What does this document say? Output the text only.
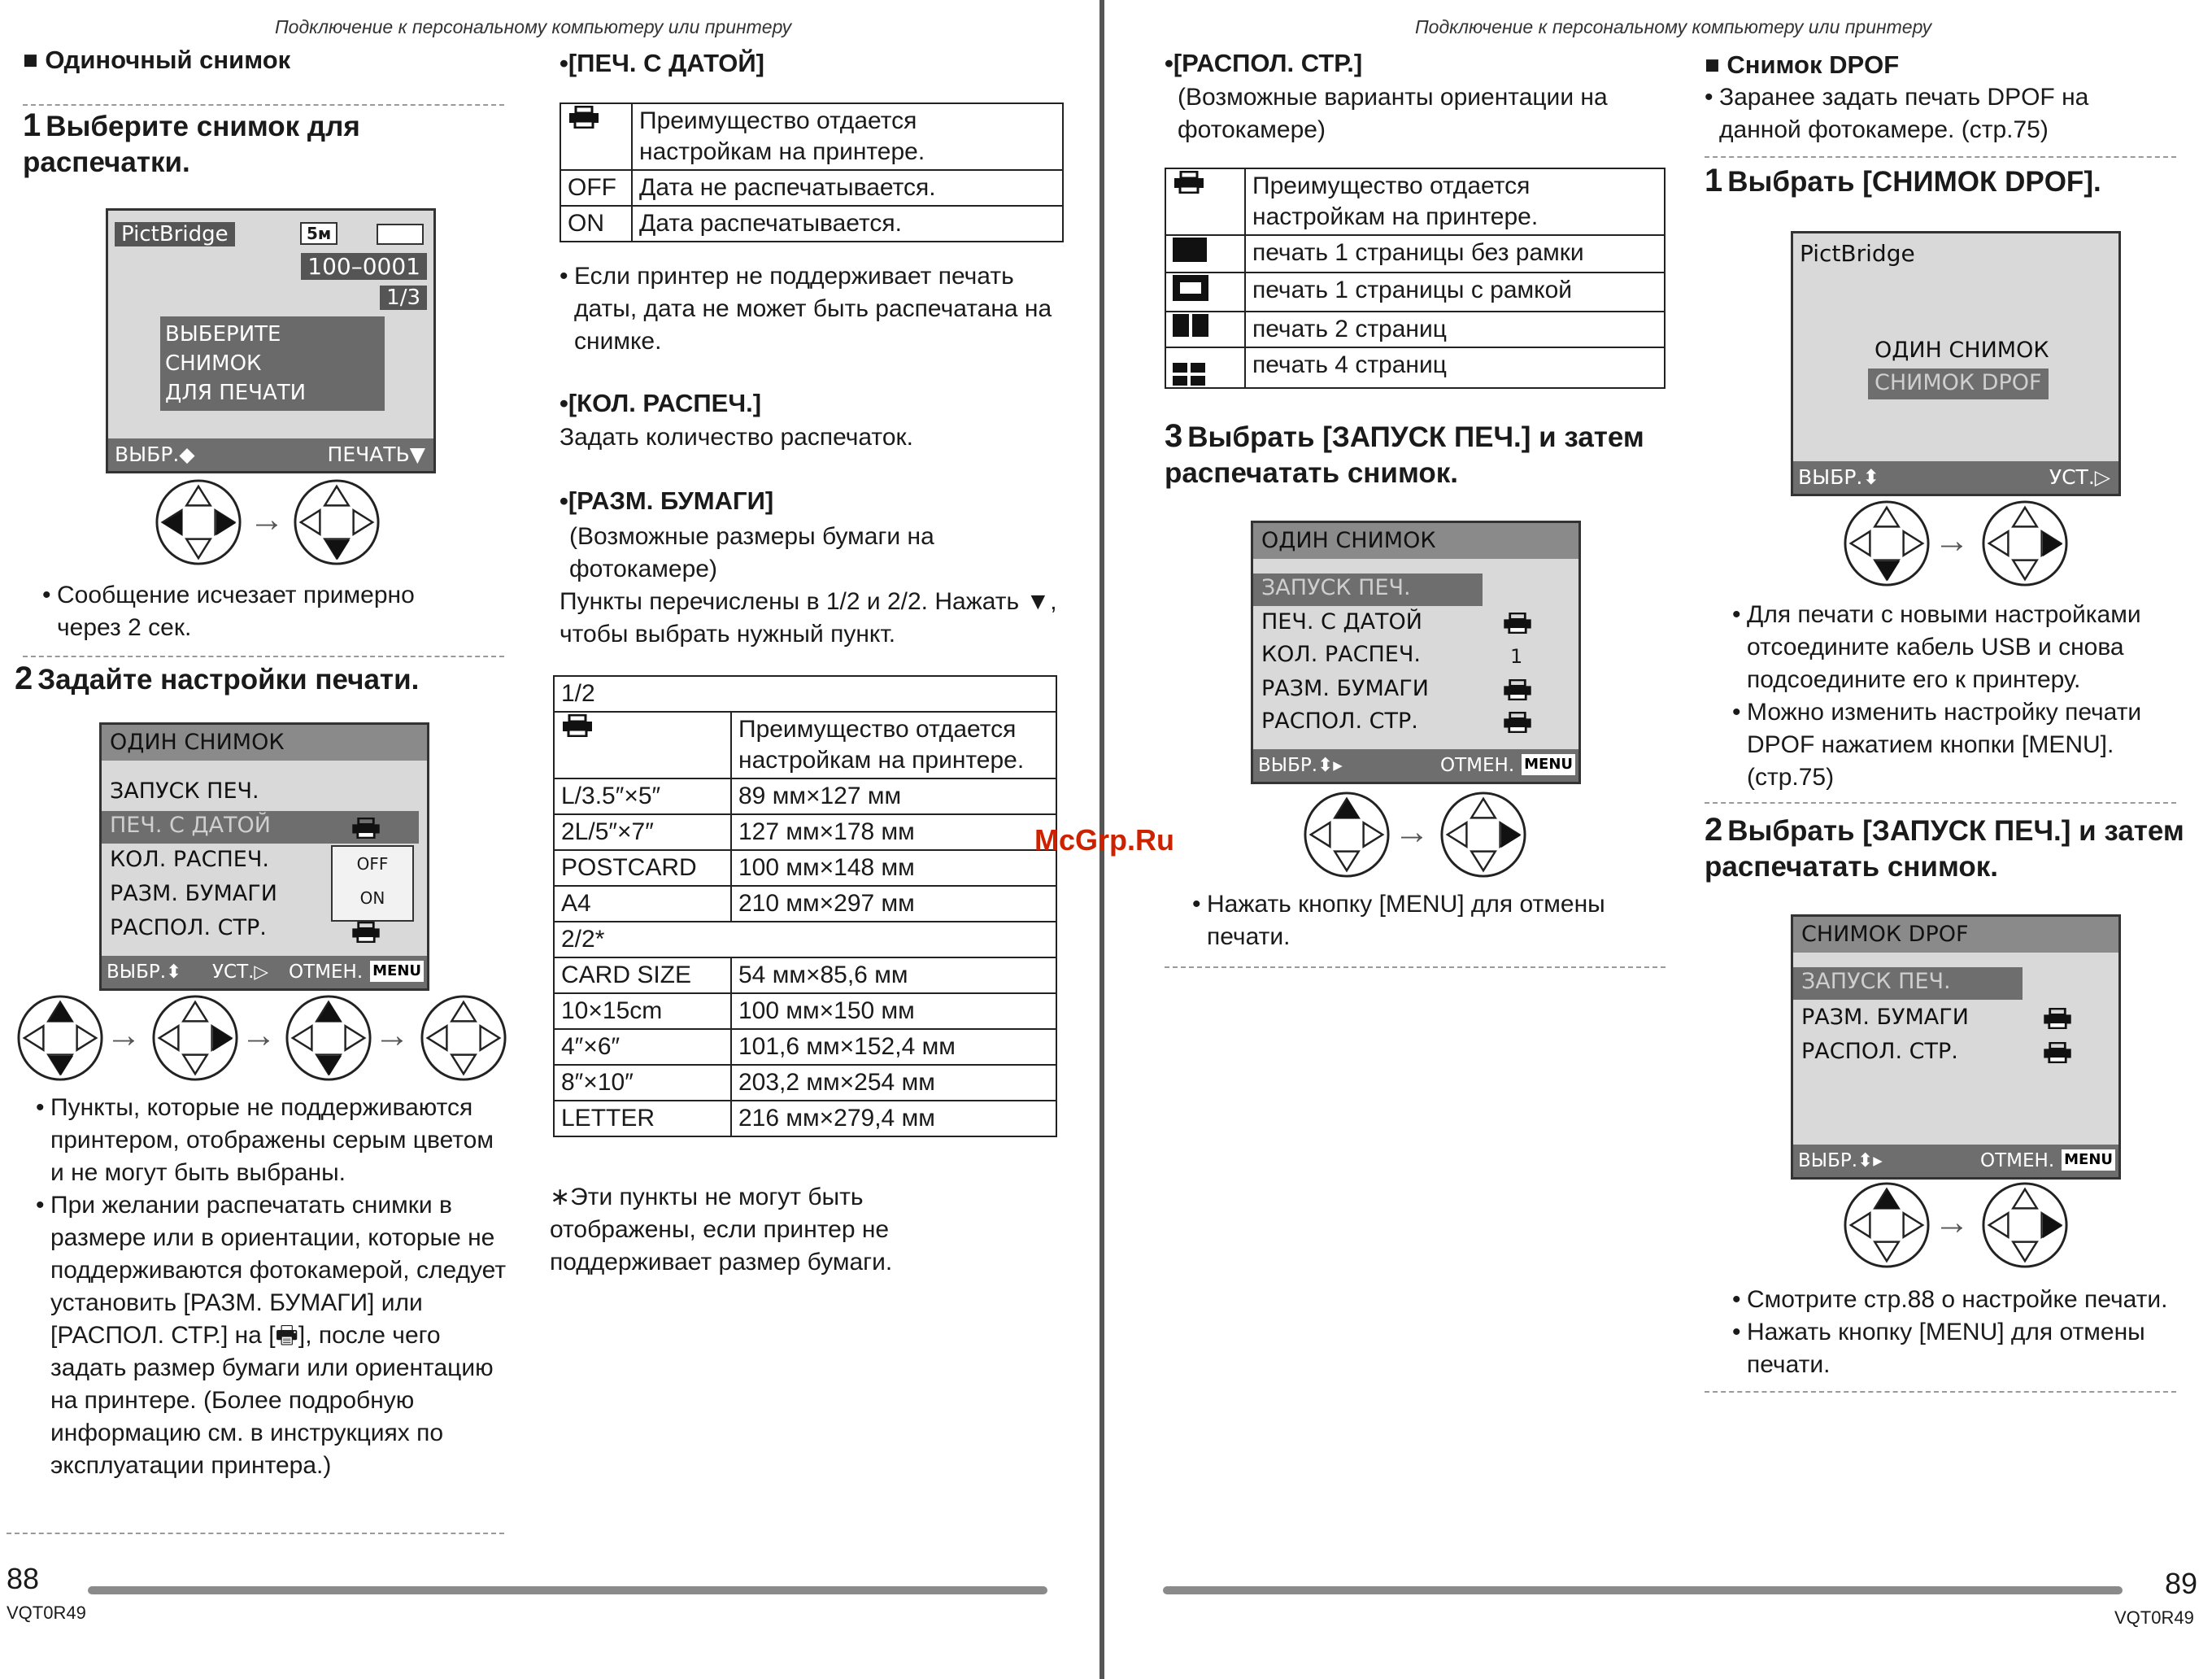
Подключение к персональному компьютеру или принтеру
■ Одиночный снимок
1 Выберите снимок для распечатки.
PictBridge	5м
100–0001
1/3
ВЫБЕРИТЕ СНИМОК
ДЛЯ ПЕЧАТИ
ВЫБР.◆	ПЕЧАТЬ▼
→
• Сообщение исчезает примерно через 2 сек.
2 Задайте настройки печати.
ОДИН СНИМОК
ЗАПУСК ПЕЧ.
ПЕЧ. С ДАТОЙ
КОЛ. РАСПЕЧ.
РАЗМ. БУМАГИ
РАСПОЛ. СТР.
OFF
ON
ВЫБР.⬍ УСТ.▷ ОТМЕН. MENU
→	→	→
• Пункты, которые не поддерживаются принтером, отображены серым цветом и не могут быть выбраны.
• При желании распечатать снимки в размере или в ориентации, которые не поддерживаются фотокамерой, следует установить [РАЗМ. БУМАГИ] или [РАСПОЛ. СТР.] на [🖶], после чего задать размер бумаги или ориентацию на принтере. (Более подробную информацию см. в инструкциях по эксплуатации принтера.)
88
VQT0R49
•[ПЕЧ. С ДАТОЙ]
	Преимущество отдается настройкам на принтере.
OFF	Дата не распечатывается.
ON	Дата распечатывается.
• Если принтер не поддерживает печать даты, дата не может быть распечатана на снимке.
•[КОЛ. РАСПЕЧ.]
Задать количество распечаток.
•[РАЗМ. БУМАГИ]
(Возможные размеры бумаги на фотокамере)
Пункты перечислены в 1/2 и 2/2. Нажать ▼, чтобы выбрать нужный пункт.
1/2	
	Преимущество отдается настройкам на принтере.
L/3.5″×5″	89 мм×127 мм
2L/5″×7″	127 мм×178 мм
POSTCARD	100 мм×148 мм
A4	210 мм×297 мм
2/2*	
CARD SIZE	54 мм×85,6 мм
10×15cm	100 мм×150 мм
4″×6″	101,6 мм×152,4 мм
8″×10″	203,2 мм×254 мм
LETTER	216 мм×279,4 мм
∗Эти пункты не могут быть отображены, если принтер не поддерживает размер бумаги.
McGrp.Ru
Подключение к персональному компьютеру или принтеру
•[РАСПОЛ. СТР.]
(Возможные варианты ориентации на фотокамере)
	Преимущество отдается настройкам на принтере.
	печать 1 страницы без рамки
	печать 1 страницы с рамкой
	печать 2 страниц

	печать 4 страниц
3 Выбрать [ЗАПУСК ПЕЧ.] и затем распечатать снимок.
ОДИН СНИМОК
ЗАПУСК ПЕЧ.
ПЕЧ. С ДАТОЙ
КОЛ. РАСПЕЧ.
РАЗМ. БУМАГИ
РАСПОЛ. СТР.
1
ВЫБР.⬍▸	ОТМЕН. MENU
→
• Нажать кнопку [MENU] для отмены печати.
■ Снимок DPOF
• Заранее задать печать DPOF на данной фотокамере. (стр.75)
1 Выбрать [СНИМОК DPOF].
PictBridge
ОДИН СНИМОК
СНИМОК DPOF
ВЫБР.⬍	УСТ.▷
→
• Для печати с новыми настройками отсоедините кабель USB и снова подсоедините его к принтеру.
• Можно изменить настройку печати DPOF нажатием кнопки [MENU]. (стр.75)
2 Выбрать [ЗАПУСК ПЕЧ.] и затем распечатать снимок.
СНИМОК DPOF
ЗАПУСК ПЕЧ.
РАЗМ. БУМАГИ
РАСПОЛ. СТР.
ВЫБР.⬍▸	ОТМЕН. MENU
→
• Смотрите стр.88 о настройке печати.
• Нажать кнопку [MENU] для отмены печати.
89
VQT0R49
